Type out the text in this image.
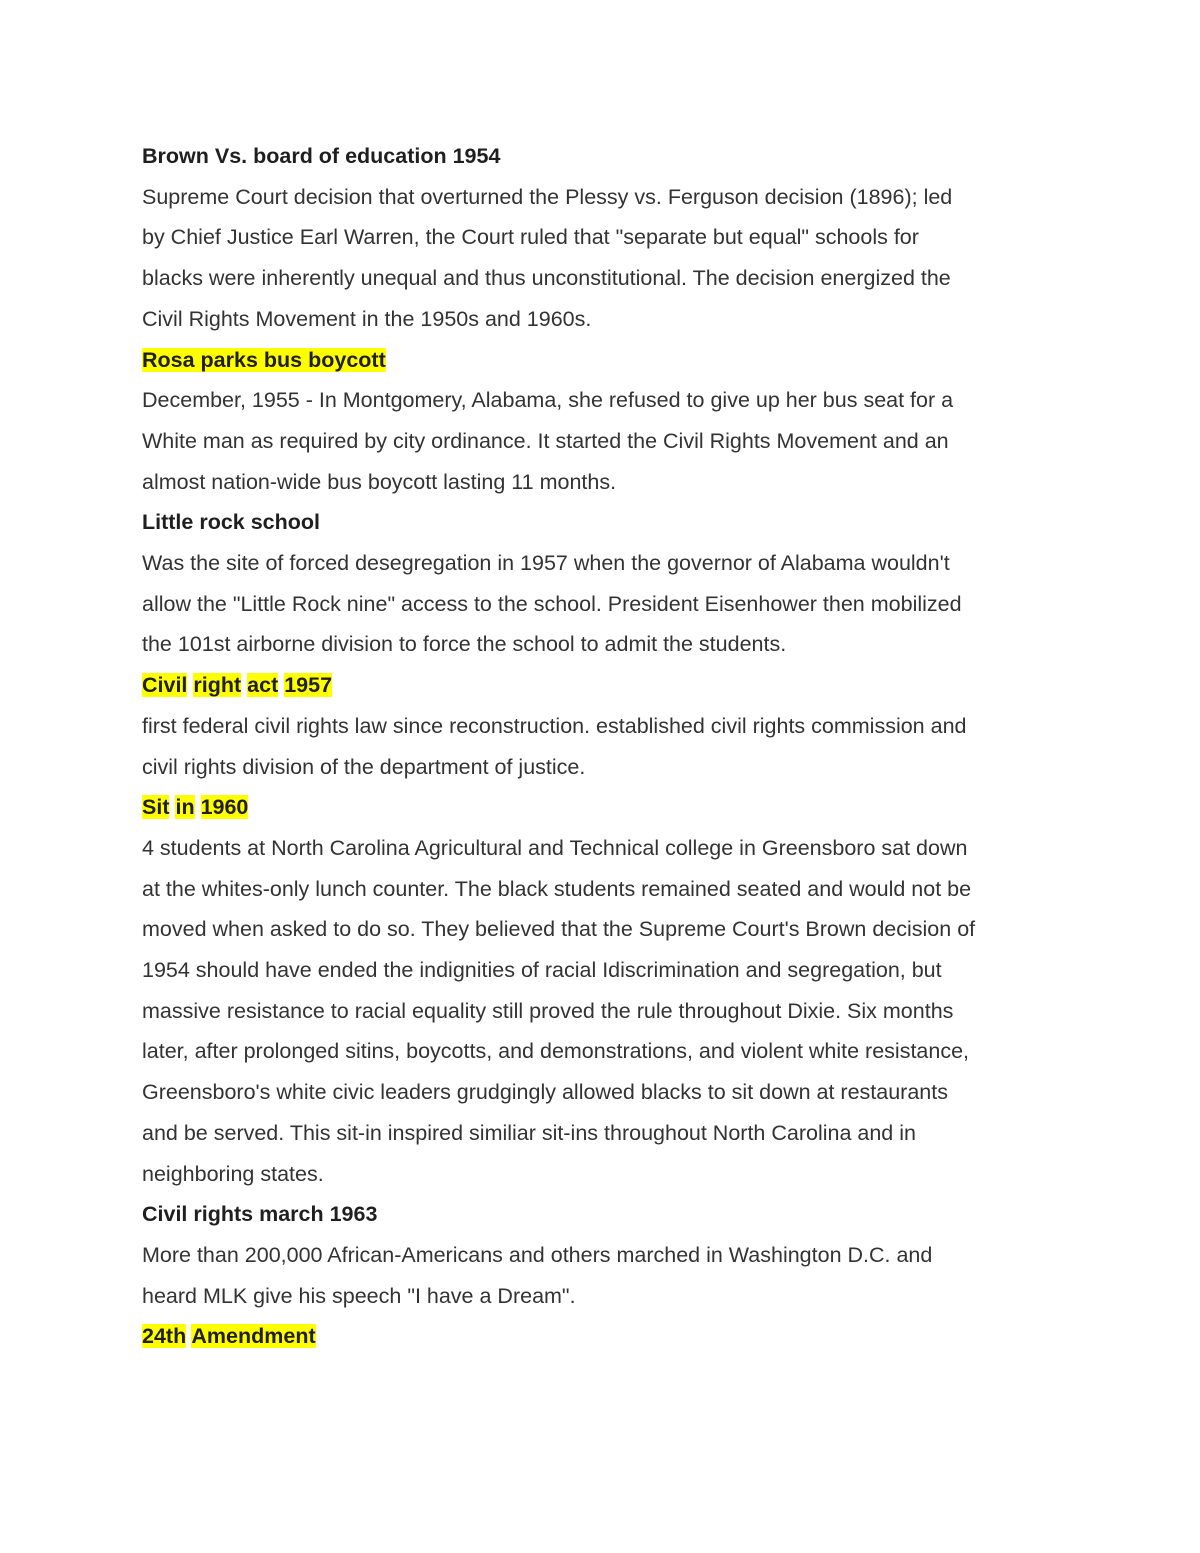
Brown Vs. board of education 1954

Supreme Court decision that overturned the Plessy vs. Ferguson decision (1896); led
by Chief Justice Earl Warren, the Court ruled that "separate but equal" schools for
blacks were inherently unequal and thus unconstitutional. The decision energized the
Civil Rights Movement in the 1950s and 1960s.

Rosa parks bus boycott

December, 1955 - In Montgomery, Alabama, she refused to give up her bus seat for a
White man as required by city ordinance. It started the Civil Rights Movement and an
almost nation-wide bus boycott lasting 11 months.

Little rock school

Was the site of forced desegregation in 1957 when the governor of Alabama wouldn't
allow the "Little Rock nine" access to the school. President Eisenhower then mobilized
the 101st airborne division to force the school to admit the students.

Civil right act 1957

first federal civil rights law since reconstruction. established civil rights commission and
civil rights division of the department of justice.

Sit in 1960

4 students at North Carolina Agricultural and Technical college in Greensboro sat down
at the whites-only lunch counter. The black students remained seated and would not be
moved when asked to do so. They believed that the Supreme Court's Brown decision of
1954 should have ended the indignities of racial Idiscrimination and segregation, but
massive resistance to racial equality still proved the rule throughout Dixie. Six months
later, after prolonged sitins, boycotts, and demonstrations, and violent white resistance,
Greensboro's white civic leaders grudgingly allowed blacks to sit down at restaurants
and be served. This sit-in inspired similiar sit-ins throughout North Carolina and in
neighboring states.

Civil rights march 1963

More than 200,000 African-Americans and others marched in Washington D.C. and
heard MLK give his speech "I have a Dream".

24th Amendment
